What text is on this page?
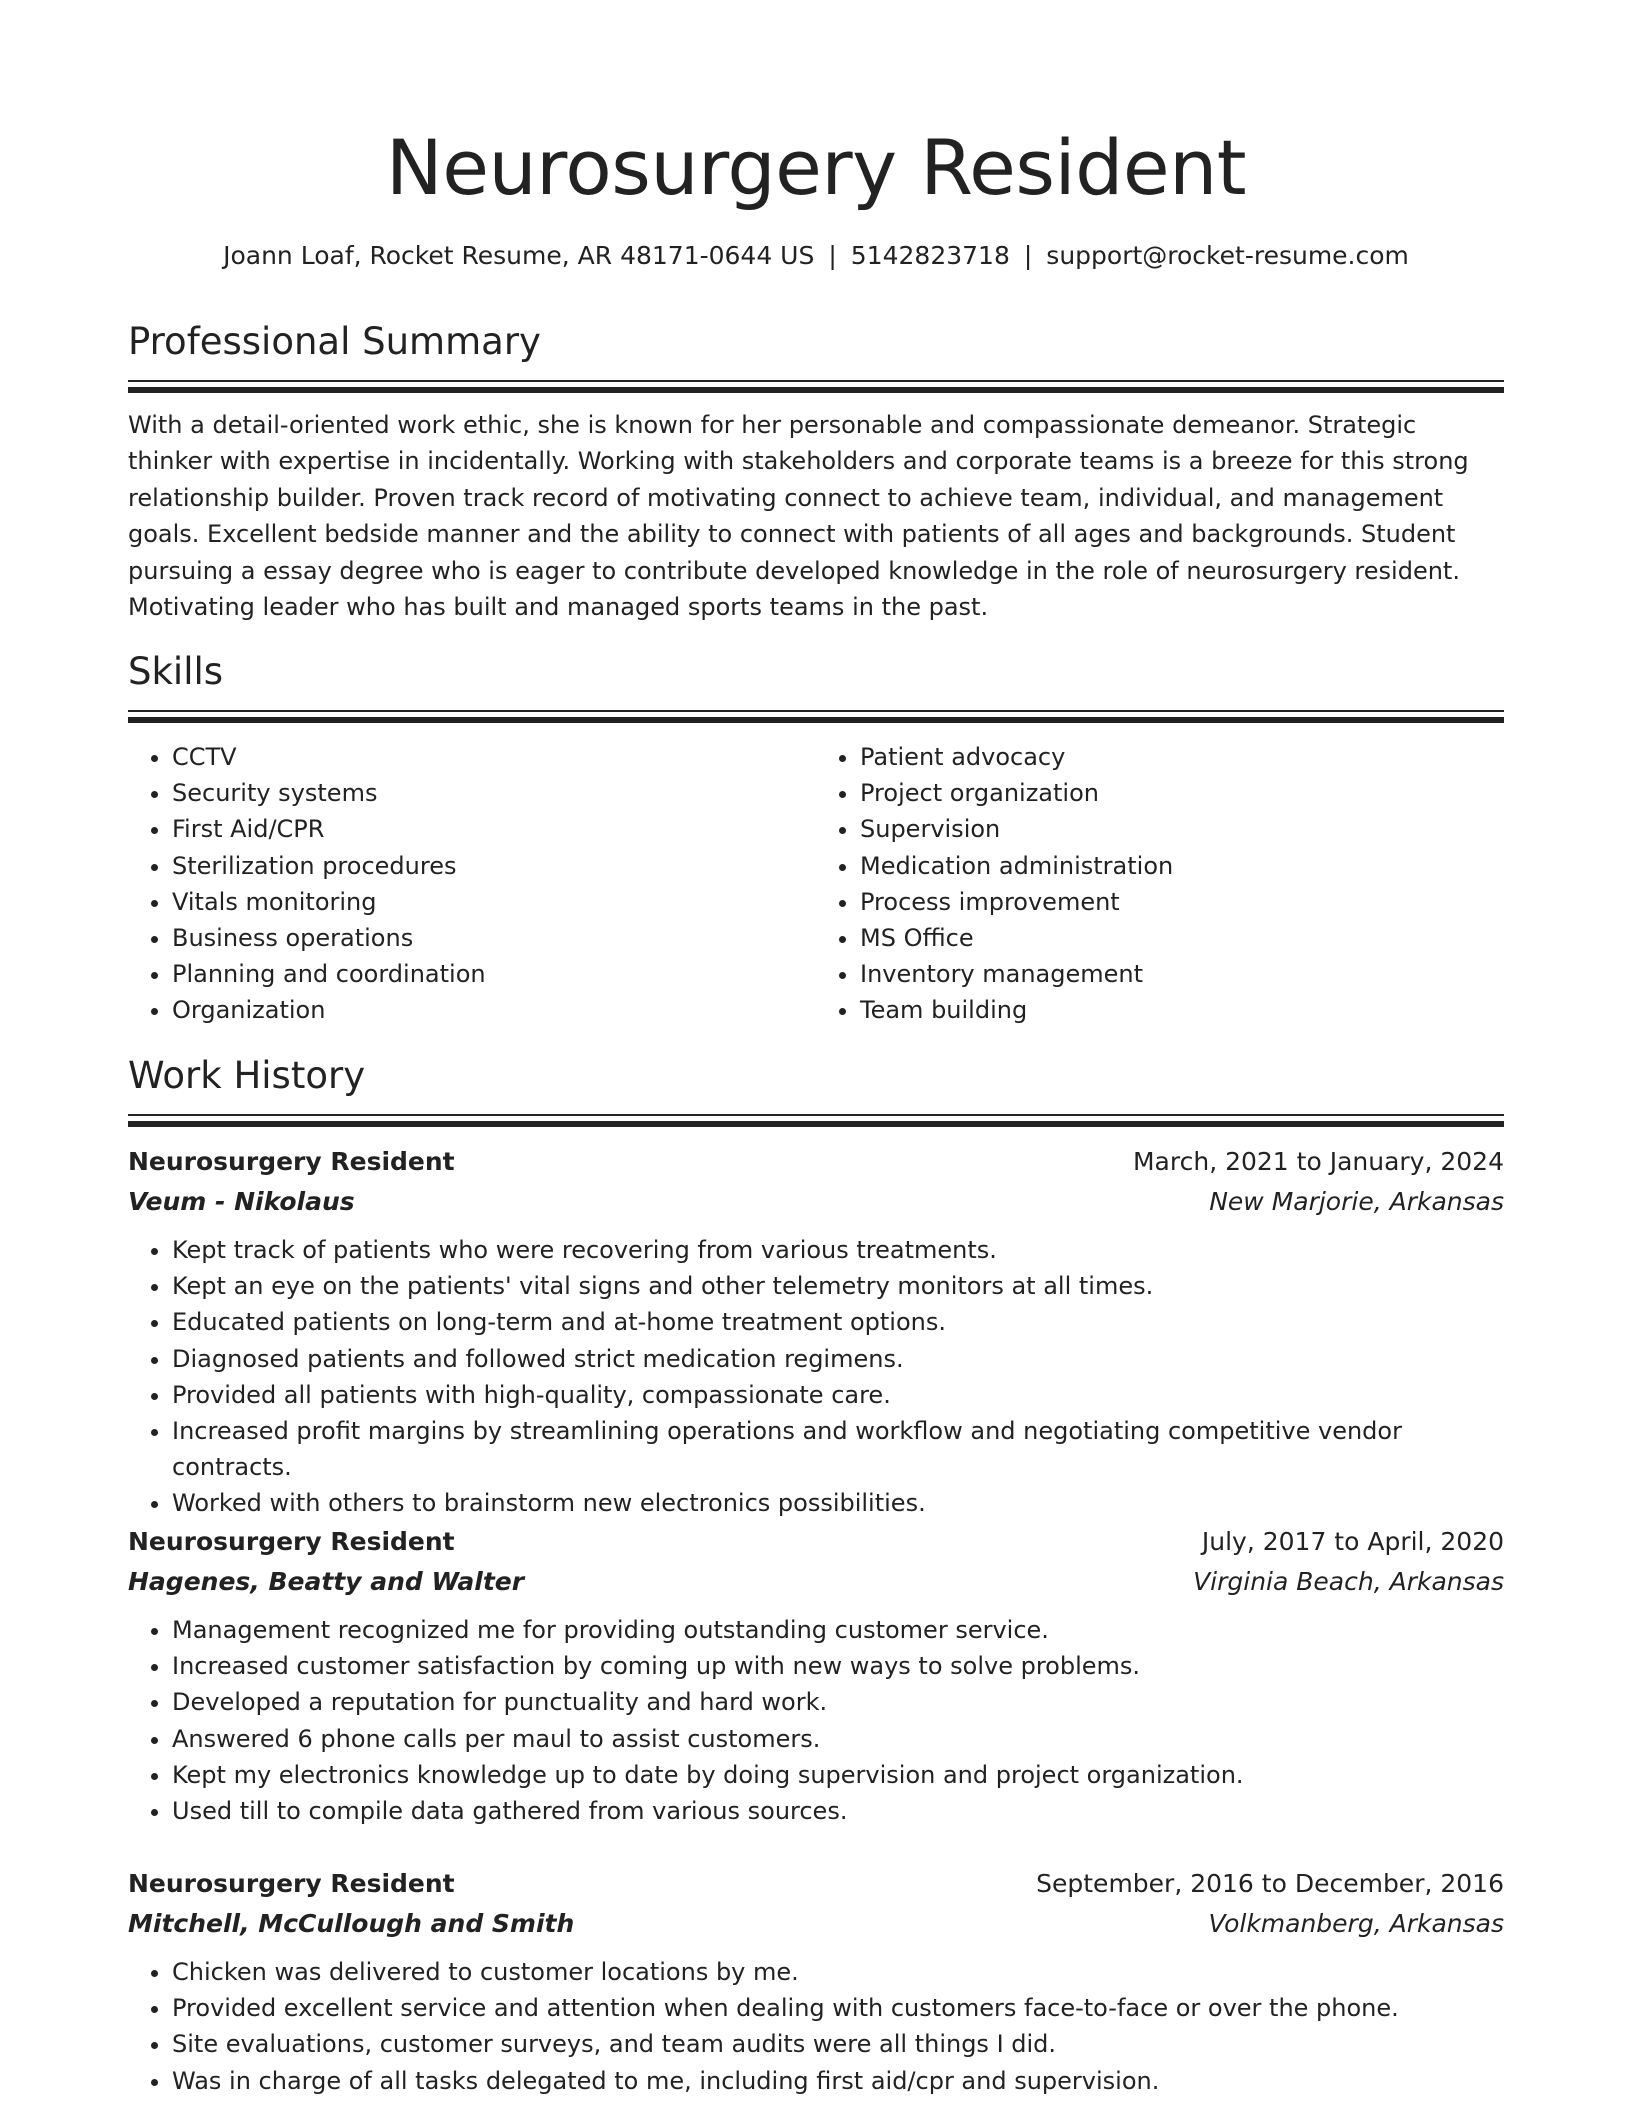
Neurosurgery Resident
Joann Loaf, Rocket Resume, AR 48171-0644 US | 5142823718 | support@rocket-resume.com
Professional Summary

With a detail-oriented work ethic, she is known for her personable and compassionate demeanor. Strategic thinker with expertise in incidentally. Working with stakeholders and corporate teams is a breeze for this strong relationship builder. Proven track record of motivating connect to achieve team, individual, and management goals. Excellent bedside manner and the ability to connect with patients of all ages and backgrounds. Student pursuing a essay degree who is eager to contribute developed knowledge in the role of neurosurgery resident. Motivating leader who has built and managed sports teams in the past.

Skills
• CCTV
• Security systems
• First Aid/CPR
• Sterilization procedures
• Vitals monitoring
• Business operations
• Planning and coordination
• Organization
• Patient advocacy
• Project organization
• Supervision
• Medication administration
• Process improvement
• MS Office
• Inventory management
• Team building
Work History
Neurosurgery Resident	March, 2021 to January, 2024
Veum - Nikolaus	New Marjorie, Arkansas
• Kept track of patients who were recovering from various treatments.
• Kept an eye on the patients' vital signs and other telemetry monitors at all times.
• Educated patients on long-term and at-home treatment options.
• Diagnosed patients and followed strict medication regimens.
• Provided all patients with high-quality, compassionate care.
• Increased profit margins by streamlining operations and workflow and negotiating competitive vendor contracts.
• Worked with others to brainstorm new electronics possibilities.
Neurosurgery Resident	July, 2017 to April, 2020
Hagenes, Beatty and Walter	Virginia Beach, Arkansas
• Management recognized me for providing outstanding customer service.
• Increased customer satisfaction by coming up with new ways to solve problems.
• Developed a reputation for punctuality and hard work.
• Answered 6 phone calls per maul to assist customers.
• Kept my electronics knowledge up to date by doing supervision and project organization.
• Used till to compile data gathered from various sources.
Neurosurgery Resident	September, 2016 to December, 2016
Mitchell, McCullough and Smith	Volkmanberg, Arkansas
• Chicken was delivered to customer locations by me.
• Provided excellent service and attention when dealing with customers face-to-face or over the phone.
• Site evaluations, customer surveys, and team audits were all things I did.
• Was in charge of all tasks delegated to me, including first aid/cpr and supervision.
